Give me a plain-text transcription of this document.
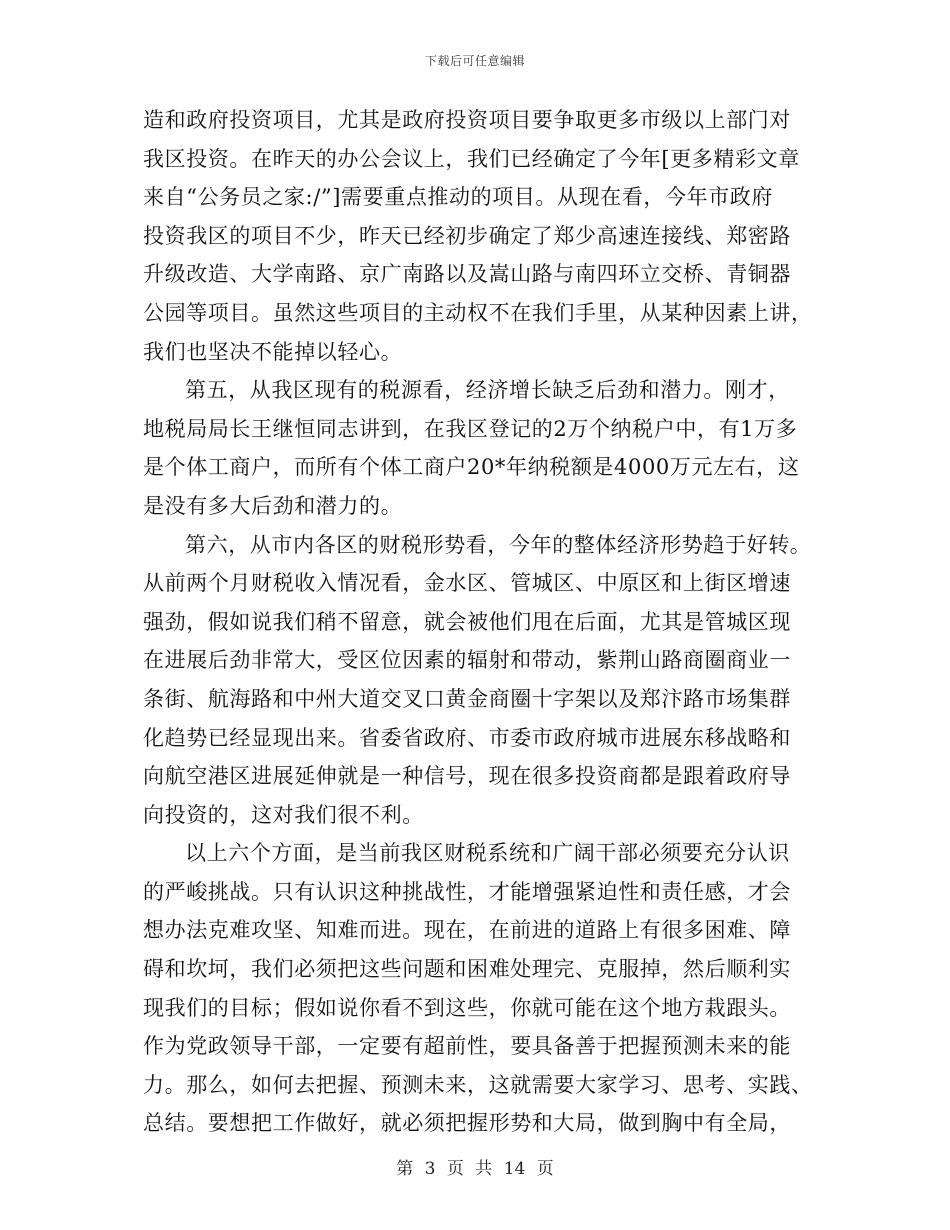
下载后可任意编辑
造和政府投资项目，尤其是政府投资项目要争取更多市级以上部门对
我区投资。在昨天的办公会议上，我们已经确定了今年[更多精彩文章
来自“公务员之家:/”]需要重点推动的项目。从现在看，今年市政府
投资我区的项目不少，昨天已经初步确定了郑少高速连接线、郑密路
升级改造、大学南路、京广南路以及嵩山路与南四环立交桥、青铜器
公园等项目。虽然这些项目的主动权不在我们手里，从某种因素上讲，
我们也坚决不能掉以轻心。
第五，从我区现有的税源看，经济增长缺乏后劲和潜力。刚才，
地税局局长王继恒同志讲到，在我区登记的2万个纳税户中，有1万多
是个体工商户，而所有个体工商户20*年纳税额是4000万元左右，这
是没有多大后劲和潜力的。
第六，从市内各区的财税形势看，今年的整体经济形势趋于好转。
从前两个月财税收入情况看，金水区、管城区、中原区和上街区增速
强劲，假如说我们稍不留意，就会被他们甩在后面，尤其是管城区现
在进展后劲非常大，受区位因素的辐射和带动，紫荆山路商圈商业一
条街、航海路和中州大道交叉口黄金商圈十字架以及郑汴路市场集群
化趋势已经显现出来。省委省政府、市委市政府城市进展东移战略和
向航空港区进展延伸就是一种信号，现在很多投资商都是跟着政府导
向投资的，这对我们很不利。
以上六个方面，是当前我区财税系统和广阔干部必须要充分认识
的严峻挑战。只有认识这种挑战性，才能增强紧迫性和责任感，才会
想办法克难攻坚、知难而进。现在，在前进的道路上有很多困难、障
碍和坎坷，我们必须把这些问题和困难处理完、克服掉，然后顺利实
现我们的目标；假如说你看不到这些，你就可能在这个地方栽跟头。
作为党政领导干部，一定要有超前性，要具备善于把握预测未来的能
力。那么，如何去把握、预测未来，这就需要大家学习、思考、实践、
总结。要想把工作做好，就必须把握形势和大局，做到胸中有全局，
第 3 页 共 14 页
